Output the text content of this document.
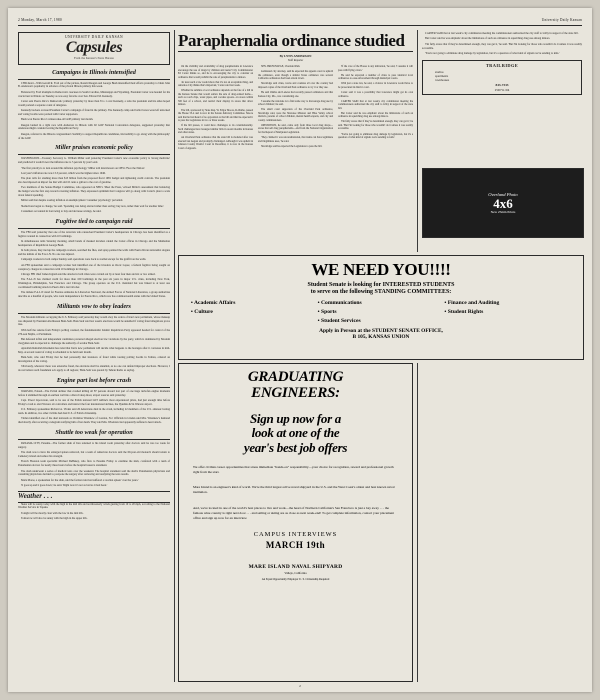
2 Monday, March 17, 1980	University Daily Kansan
UNIVERSITY DAILY KANSAN
Capsules
From the Kansan's News Bureau
Campaigns in Illinois intensified

CHICAGO—With Gerald R. Ford out of the picture, Ronald Reagan and George Bush intensified their efforts yesterday to blunt John B. Anderson's popularity in advance of the pivotal Illinois primary this week.

Bolstered by Ford triumphs in Democratic caucuses in South Carolina, Mississippi and Wyoming, President Carter was headed for his crucial test in Illinois on Tuesday as was easy favorite over Sen. Edward M. Kennedy.

Carter sent Puerto Rico's Democratic primary yesterday by more than 8 to 1 over Kennedy, a ratio the president and his aides hoped would portend a separate count of delegates.

Kennedy backers accused President Carter's campaign of fraud in the primary. The Kennedy camp said ballot boxes were left unlocked and voting booths were packed with Carter supporters.

Bush won Puerto Rico's winner-take-all GOP primary last month.

Reagan landed in a tight race with Anderson in Illinois with 92 GOP National Convention delegates, suggested yesterday that Anderson might consider leaving the Republican Party.

Reagan, referred to the Illinois congressman's 'inability to support Republican candidates, his inability to go along with the philosophy' of the GOP.

Miller praises economic policy

WASHINGTON—Treasury Secretary G. William Miller said yesterday President Carter's new economic policy is 'strong medicine' and predicted it would lower the inflation rate to 5 percent by year's end.

'The first priority is to turn around this inflation psychology,' Miller told interviewers on CBS's 'Face the Nation.'

Last year's inflation rate was 13.3 percent, which was the highest since 1946.

The plan calls for slashing more than $13 billion from the proposed fiscal 1981 budget and tightening credit controls. The president also has imposed an import fee that will add 10 cents a gallon to the cost of gasoline.

Two members of the Senate Budget Committee, who appeared on NBC's 'Meet the Press,' echoed Miller's assessment that balancing the budget was the first step toward reversing inflation. They expressed optimism that Congress will go along with Carter's plan to scale down federal spending.

Miller said that despite soaring inflation an unemployment 'consumer psychology' prevailed.

'Reductions began to change,' he said. 'Spending was being elected rather than saving; buy now, rather than wait for another time.'

Consumers accounted in borrowing to buy and decrease savings, he said.

Fugitive tied to campaign raid

The FBI said yesterday that one of the terrorists who ransacked President Carter's headquarters in Chicago has been identified as a fugitive wanted in connection with 10 bombings.

In simultaneous raids Saturday morning, small bands of masked invaders raided the Carter offices in Chicago and the Manhattan headquarters of Republican George Bush.

In both places, they tied up the campaign workers, searched the files, and spray-painted the walls with Puerto Rican nationalist slogans and the initials of the F.A.L.N. No one was injured.

Campaign workers in both camps Sunday said operations were back to normal except for the graffiti on the walls.

An FBI spokesman said a campaign worker had identified one of the invaders as Oscar Lopez, a federal fugitive being sought on conspiracy charges in connection with 10 bombings in Chicago.

Chicago FBI chief James Ingram said the attacks in both cities were carried out by at least four men and six or two armed.

The F.A.L.N has claimed credit for more than 100 bombings in the past six years in major U.S. cities, including New York, Washington, Philadelphia, San Francisco and Chicago. The group operates on the U.S. mainland but was linked to at least one coordinated bombing attack in Puerto Rico last October.

The inmate F.A.L.N stand for Fuerzas Armadas de Liberacion Nacional, the Armed Forces of National Liberation, a group authorities describe as a handful of people, who want independence for Puerto Rico, which now has commonwealth status with the United States.

Militants vow to obey leaders

The Moslem militants occupying the U.S. Embassy said yesterday they would obey the orders of Iran's new parliament, whose makeup was disputed by President Abolhassan Bani-Sadr. Bani-Sadr said last week's elections would be annulled if voting fraud allegations prove true.

With half the returns from Friday's polling counted, the fundamentalist Islamic Republican Party appeared headed for control of the 270-seat Majlis, or Parliament.

But defeated leftist and independent candidates protested alleged election law violations by the party, which is dominated by Moslem clergymen and is expected to challenge the authority of secular Bani-Sadr.

Ayatollah Ruhollah Khomeini has ruled that Iran's new parliament will decide what happens to the hostages after it convenes in mid-May. A second round of voting is scheduled to be held next month.

Bani-Sadr, who said Friday that he had personally met instances of fraud while touring polling booths in Tehran, ordered an investigation of the voting.

'Obviously, wherever there was extensive fraud, the elections shall be annulled, as no one can defend improper elections. However, I do not believe such fraudulent acts apply to all regions,' Bani-Sadr was quoted by Tehran Radio as saying.

Engine part lost before crash

WARSAW, Poland—The Polish airliner that crashed killing all 87 persons aboard lost part of one huge turbofan engine moments before it slammed through an earthen wall into a Revolt deep moat, airport sources said yesterday.

Capt. Pawel Lipowczan, said to be one of the Polish national LOT Airline's most experienced pilots, had just enough time before Friday's crash to alert Warsaw air controllers and instruct the four international airlines, the Ilyushin-62 in Warsaw airport.

U.S. Embassy spokesman Richard A. Virden said 26 Americans died in the crash, including 22 members of the U.S. amateur boxing team. In addition, two other victims had dual U.S. of Polish citizenship.

Virden identified one of the dual nationals as Christina Wiszniew of London, N.J. Officials in Linden said Mrs. Wiszniew's husband died shortly after receiving a telegram notifying him of her death. They said Mrs. Wiszniew had apparently suffered a heart attack.

Shuttle too weak for operation

PANAMA CITY, Panama—The former shah of Iran returned to his island room yesterday after doctors said he was too weak for surgery.

The shah was to have his enlarged spleen removed, but a team of American doctors said the 60-year-old monarch should return to Cemetery island and reduce his strength.

French Houston team specialist Michael DeBakey, who flew to Panama Friday to examine the shah, conferred with a team of Panamanian doctors for nearly three hours before the hospital issued a statement.

The shah underwent a series of medical tests over the weekend. The hospital statement said the shah's Panamanian physicians and consulting physicians decided to postpone the surgery after reviewing and analyzing the tests results.

Mark Morse, a spokesman for the shah, said the former ruler had suffered a swollen spleen 'over the years.'

'It goes up and it goes down,' he said. 'Right now it's not as bad as it had been.'

Weather . . .

Skies will be sunny today with the high in the mid 40s and northwesterly winds gusting from 10 to 20 mph, according to the National Weather Service in Topeka.

Tonight will be mostly clear with the low in the mid 20s.

Tomorrow will also be sunny with the high in the upper 40s.

Paraphernalia ordinance studied
By LYNN ANDERSON
Staff Reporter

On the visibility and availability of drug paraphernalia in Lawrence encourage the use of drugs by children and teens? City Commissioner Ed Carter thinks so, and he is encouraging the city to consider an ordinance that would prohibit the sale of paraphernalia to minors.

'At least such a law would show that it's not an acceptable thing, and Antonios City thinks that's important,' Carter said last week.

Whether he submits a local ordinance depends on the fate of a bill in the Kansas Senate that would outlaw the sale of drug-related items—such as roach clips, water pipes, and cocaine spoons—in stores within 300 feet of a school, and restrict their display in stores that allow minors.

The bill, sponsored by State Rep. W. Edgar Moore, R-Olathe, passed the House 53-4 and is now in the Senate Judiciary Committee. Moore said that he had heard of no opposition to the bill and that he expected it to pass the Legislature in two or three weeks.

If the bill passes, it could have challenges to its constitutionality. Such challenges have besieged similar bills in recent months in Kansas and other states.

An Overland Park ordinance that the state bill is modeled after was enacted last August and promptly challenged. Although it was upheld in Johnson County District Court in December, it is now in the Kansas Court of Appeals.

SEN. BROWNLEGE, Overland Park

nominated city attorney, said he expected the appeals court to uphold the ordinance, even though a similar Texas ordinance was several California ordinances had been struck down.

Shortridge said cities, towns and counties all over the country had imposed copies of the Overland Park ordinance to try it or they use.

He said Olathe and Lenexa had recently passed ordinances and that Kansas City, Mo., was considering one.

'I assume the rationale is to find some way to discourage drug use by school children,' he said.

The small court supporters of the Overland Park ordinance, Shortridge said, were the Shawnee Mission and Blue Valley school districts, parents of school children, mental health experts, and city and county commissioners.

OPPOSITION, he said, came only from three local drug shops—stores that sell drug paraphernalia—and from the National Organization for the Repeal of Marijuana Legislation.

'They claimed it was unconstitutional, that items can have legitimate and illegitimate uses,' he said.

Shortridge said he expected the Legislature to pass the bill.

'If the vote of the House is any indication,' he said, 'I assume it will pass with flying colors.'

He said he expected a number of cities to pass identical local ordinances to ease enforcement through municipal courts.

With just a state law, he said, a violator in Lawrence would have to be prosecuted in district court.

Carter said it was a possibility that Lawrence might get its own ordinance.

CARTER SAID that at last week's city commission meeting the commissioners authorized the city staff to lobby in support of the state bill.

But Carter said he was emphatic about the limitations of such an ordinance in squelching drug use among minors.

'I'm fully aware that if they're determined enough, they can get it,' he said. 'But I'm looking for those who wouldn't do it unless it was readily accessible.

'You're not going to eliminate drug damage by legislation, but it's a question of what kind of signals we're sending to kids.'

CARTER SAID that at last week's city commission meeting the commissioners authorized the city staff to lobby in support of the state bill.

But Carter said he was emphatic about the limitations of such an ordinance in squelching drug use among minors.

'I'm fully aware that if they're determined enough, they can get it,' he said. 'But I'm looking for those who wouldn't do it unless it was readily accessible.

'You're not going to eliminate drug damage by legislation, but it's a question of what kind of signals we're sending to kids.'

TRAILRIDGE
studios
apartments
townhouses
843-7333
2500 W. 6th
Overland Photo
4x6
New 25mm Prints
WE NEED YOU!!!!
Student Senate is looking for INTERESTED STUDENTS
to serve on the following STANDING COMMITTEES:
• Academic Affairs	• Communications	• Finance and Auditing
• Culture	• Sports	• Student Rights
• Student Services
Apply in Person at the STUDENT SENATE OFFICE,
B 105, KANSAS UNION
GRADUATING
ENGINEERS:
Sign up now for a
look at one of the
year's best job offers
We offer civilian career opportunities that stress immediate "hands-on" responsibility—your choice for recognition, reward and professional growth right from the start.
Mare Island is an engineer's kind of world. We're the third largest active naval shipyard in the U.S. and the West Coast's oldest and best known naval institution.
And, we're located in one of the world's best places to live and work—the heart of Northern California's San Francisco is just a bay away . . . the famous wine country is right next door . . . and sailing or skiing are as close as next week-end! To get complete information, contact your placement office and sign up now for an interview.
CAMPUS INTERVIEWS
MARCH 19th
MARE ISLAND NAVAL SHIPYARD
Vallejo, California
An Equal Opportunity Employer U. S. Citizenship Required
2
